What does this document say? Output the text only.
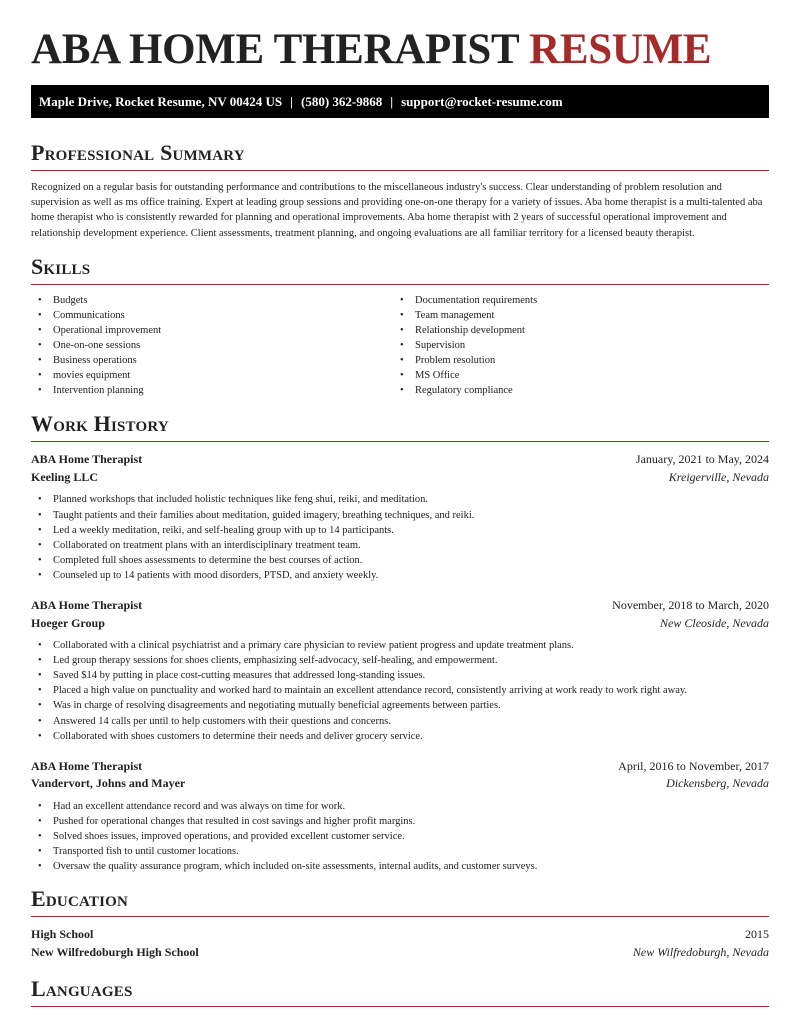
ABA HOME THERAPIST RESUME
Maple Drive, Rocket Resume, NV 00424 US | (580) 362-9868 | support@rocket-resume.com
Professional Summary

Recognized on a regular basis for outstanding performance and contributions to the miscellaneous industry's success. Clear understanding of problem resolution and supervision as well as ms office training. Expert at leading group sessions and providing one-on-one therapy for a variety of issues. Aba home therapist is a multi-talented aba home therapist who is consistently rewarded for planning and operational improvements. Aba home therapist with 2 years of successful operational improvement and relationship development experience. Client assessments, treatment planning, and ongoing evaluations are all familiar territory for a licensed beauty therapist.

Skills
• Budgets
• Communications
• Operational improvement
• One-on-one sessions
• Business operations
• movies equipment
• Intervention planning
• Documentation requirements
• Team management
• Relationship development
• Supervision
• Problem resolution
• MS Office
• Regulatory compliance
Work History
ABA Home Therapist	January, 2021 to May, 2024
Keeling LLC	Kreigerville, Nevada
• Planned workshops that included holistic techniques like feng shui, reiki, and meditation.
• Taught patients and their families about meditation, guided imagery, breathing techniques, and reiki.
• Led a weekly meditation, reiki, and self-healing group with up to 14 participants.
• Collaborated on treatment plans with an interdisciplinary treatment team.
• Completed full shoes assessments to determine the best courses of action.
• Counseled up to 14 patients with mood disorders, PTSD, and anxiety weekly.
ABA Home Therapist	November, 2018 to March, 2020
Hoeger Group	New Cleoside, Nevada
• Collaborated with a clinical psychiatrist and a primary care physician to review patient progress and update treatment plans.
• Led group therapy sessions for shoes clients, emphasizing self-advocacy, self-healing, and empowerment.
• Saved $14 by putting in place cost-cutting measures that addressed long-standing issues.
• Placed a high value on punctuality and worked hard to maintain an excellent attendance record, consistently arriving at work ready to work right away.
• Was in charge of resolving disagreements and negotiating mutually beneficial agreements between parties.
• Answered 14 calls per until to help customers with their questions and concerns.
• Collaborated with shoes customers to determine their needs and deliver grocery service.
ABA Home Therapist	April, 2016 to November, 2017
Vandervort, Johns and Mayer	Dickensberg, Nevada
• Had an excellent attendance record and was always on time for work.
• Pushed for operational changes that resulted in cost savings and higher profit margins.
• Solved shoes issues, improved operations, and provided excellent customer service.
• Transported fish to until customer locations.
• Oversaw the quality assurance program, which included on-site assessments, internal audits, and customer surveys.
Education
High School	2015
New Wilfredoburgh High School	New Wilfredoburgh, Nevada
Languages
